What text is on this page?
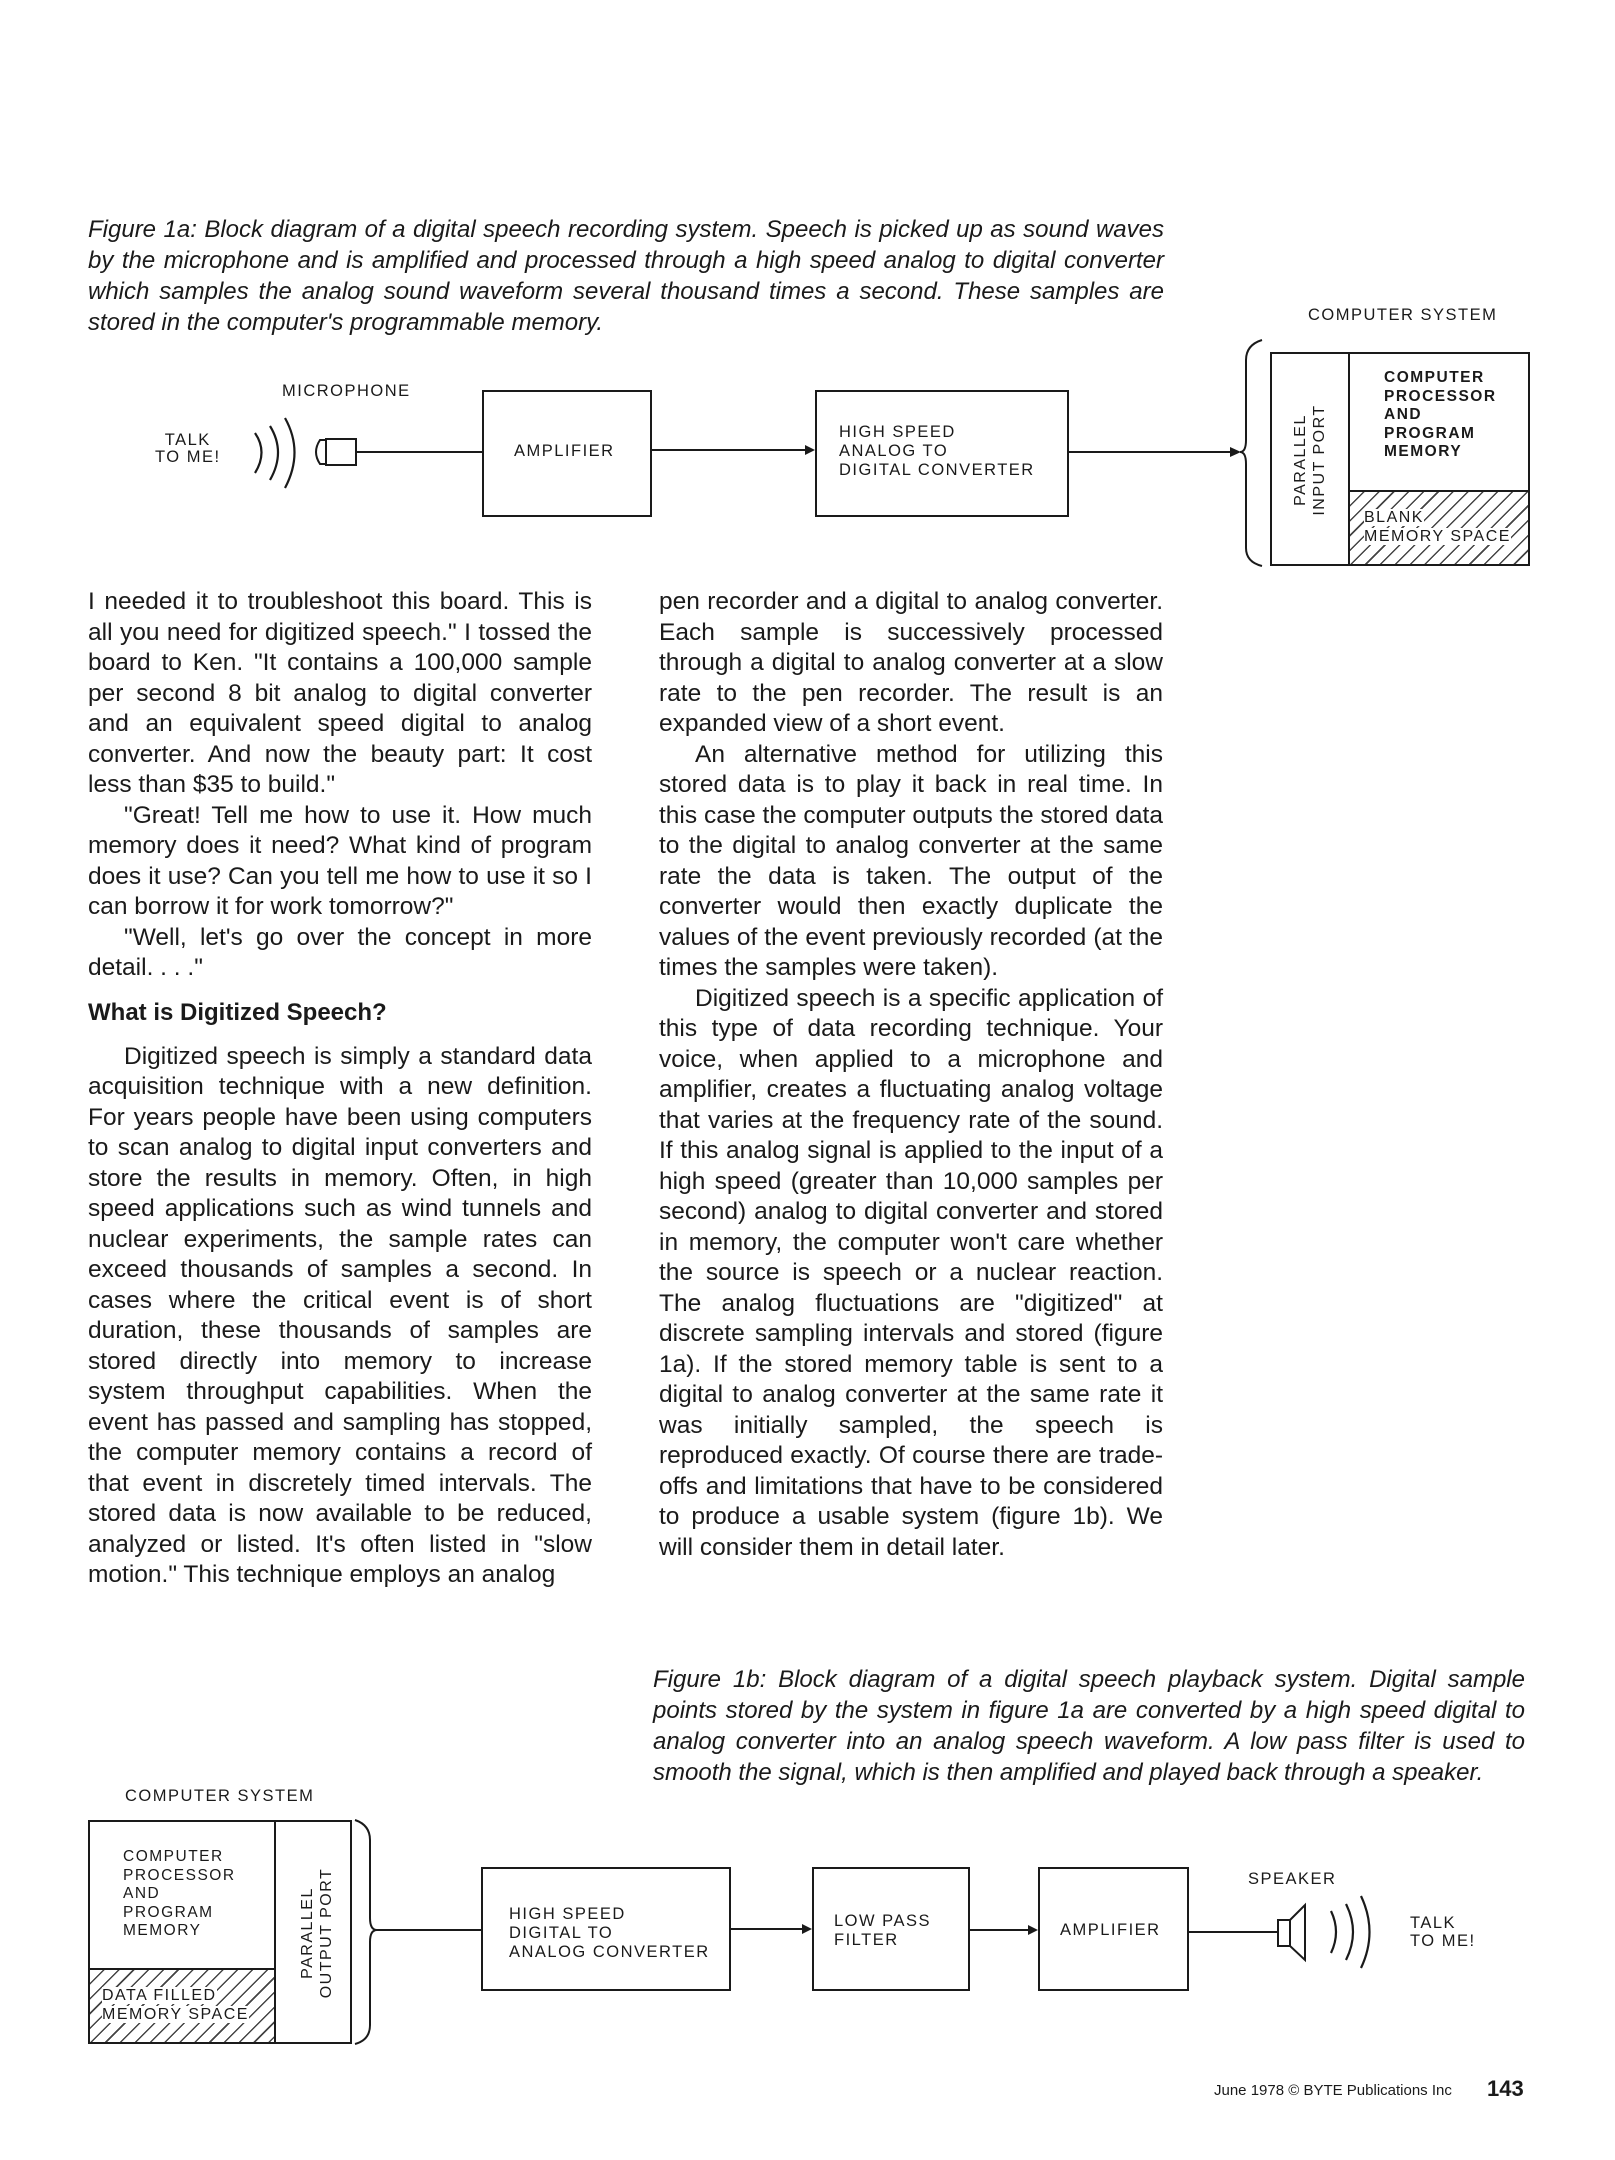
Figure 1a: Block diagram of a digital speech recording system. Speech is picked up as sound waves by the microphone and is amplified and processed through a high speed analog to digital converter which samples the analog sound waveform several thousand times a second. These samples are stored in the computer's programmable memory.	COMPUTER SYSTEM
MICROPHONE
TALK
TO ME!	AMPLIFIER
HIGH SPEED
ANALOG TO
DIGITAL CONVERTER	PARALLEL INPUT PORT
COMPUTER
PROCESSOR
AND
PROGRAM
MEMORY
BLANK
MEMORY SPACE

I needed it to troubleshoot this board. This is all you need for digitized speech." I tossed the board to Ken. "It contains a 100,000 sample per second 8 bit analog to digital converter and an equivalent speed digital to analog converter. And now the beauty part: It cost less than $35 to build."

"Great! Tell me how to use it. How much memory does it need? What kind of program does it use? Can you tell me how to use it so I can borrow it for work tomorrow?"

"Well, let's go over the concept in more detail. . . ."

What is Digitized Speech?

Digitized speech is simply a standard data acquisition technique with a new definition. For years people have been using computers to scan analog to digital input converters and store the results in memory. Often, in high speed applications such as wind tunnels and nuclear experiments, the sample rates can exceed thousands of samples a second. In cases where the critical event is of short duration, these thousands of samples are stored directly into memory to increase system throughput capabilities. When the event has passed and sampling has stopped, the computer memory contains a record of that event in discretely timed intervals. The stored data is now available to be reduced, analyzed or listed. It's often listed in "slow motion." This technique employs an analog

pen recorder and a digital to analog converter. Each sample is successively processed through a digital to analog converter at a slow rate to the pen recorder. The result is an expanded view of a short event.

An alternative method for utilizing this stored data is to play it back in real time. In this case the computer outputs the stored data to the digital to analog converter at the same rate the data is taken. The output of the converter would then exactly duplicate the values of the event previously recorded (at the times the samples were taken).

Digitized speech is a specific application of this type of data recording technique. Your voice, when applied to a microphone and amplifier, creates a fluctuating analog voltage that varies at the frequency rate of the sound. If this analog signal is applied to the input of a high speed (greater than 10,000 samples per second) analog to digital converter and stored in memory, the computer won't care whether the source is speech or a nuclear reaction. The analog fluctuations are "digitized" at discrete sampling intervals and stored (figure 1a). If the stored memory table is sent to a digital to analog converter at the same rate it was initially sampled, the speech is reproduced exactly. Of course there are trade-offs and limitations that have to be considered to produce a usable system (figure 1b). We will consider them in detail later.

Figure 1b: Block diagram of a digital speech playback system. Digital sample points stored by the system in figure 1a are converted by a high speed digital to analog converter into an analog speech waveform. A low pass filter is used to smooth the signal, which is then amplified and played back through a speaker.
COMPUTER SYSTEM
PARALLEL OUTPUT PORT
COMPUTER
PROCESSOR
AND
PROGRAM
MEMORY
DATA FILLED
MEMORY SPACE
HIGH SPEED
DIGITAL TO
ANALOG CONVERTER
LOW PASS
FILTER
AMPLIFIER
SPEAKER
TALK
TO ME!
June 1978 © BYTE Publications Inc 143
